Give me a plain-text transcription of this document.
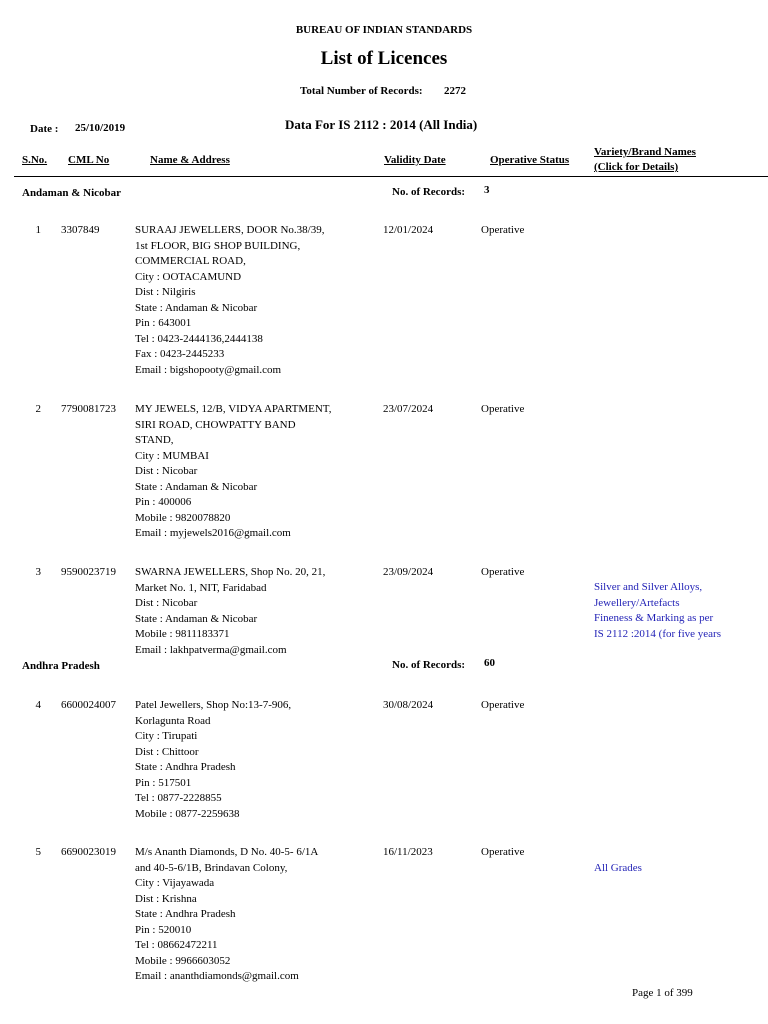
BUREAU OF INDIAN STANDARDS
List of Licences
Total Number of Records: 2272
Date : 25/10/2019	Data For IS 2112 : 2014 (All India)
S.No. CML No	Name & Address	Validity Date	Operative Status
Variety/Brand Names
(Click for Details)
Andaman & Nicobar	No. of Records: 3
1 3307849	SURAAJ JEWELLERS, DOOR No.38/39,
1st FLOOR, BIG SHOP BUILDING,
COMMERCIAL ROAD,
City : OOTACAMUND
Dist : Nilgiris
State : Andaman & Nicobar
Pin : 643001
Tel : 0423-2444136,2444138
Fax : 0423-2445233
Email : bigshopooty@gmail.com
12/01/2024	Operative
2 7790081723 MY JEWELS, 12/B, VIDYA APARTMENT,
SIRI ROAD, CHOWPATTY BAND
STAND,
City : MUMBAI
Dist : Nicobar
State : Andaman & Nicobar
Pin : 400006
Mobile : 9820078820
Email : myjewels2016@gmail.com
23/07/2024	Operative
3 9590023719 SWARNA JEWELLERS, Shop No. 20, 21,
Market No. 1, NIT, Faridabad
Dist : Nicobar
State : Andaman & Nicobar
Mobile : 9811183371
Email : lakhpatverma@gmail.com
23/09/2024	Operative
Silver and Silver Alloys,
Jewellery/Artefacts
Fineness & Marking as per
IS 2112 :2014 (for five years
Andhra Pradesh	No. of Records: 60
4 6600024007 Patel Jewellers, Shop No:13-7-906,
Korlagunta Road
City : Tirupati
Dist : Chittoor
State : Andhra Pradesh
Pin : 517501
Tel : 0877-2228855
Mobile : 0877-2259638
30/08/2024	Operative
5 6690023019 M/s Ananth Diamonds, D No. 40-5- 6/1A
and 40-5-6/1B, Brindavan Colony,
City : Vijayawada
Dist : Krishna
State : Andhra Pradesh
Pin : 520010
Tel : 08662472211
Mobile : 9966603052
Email : ananthdiamonds@gmail.com
16/11/2023	Operative
All Grades
Page 1 of 399
